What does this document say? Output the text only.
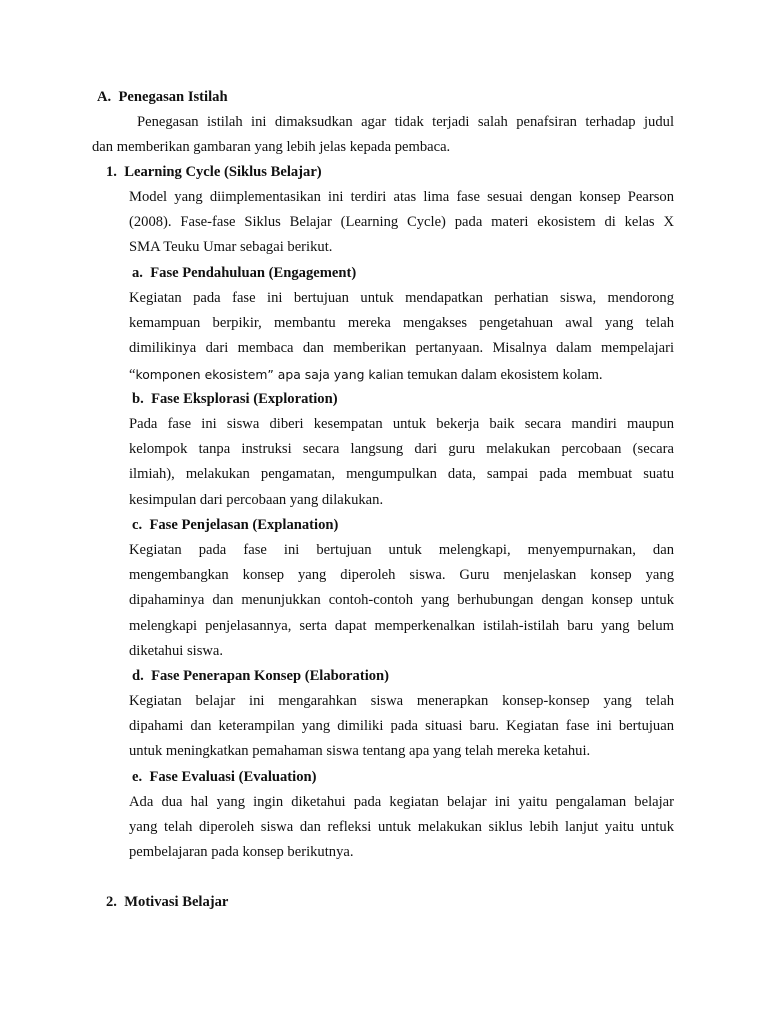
A. Penegasan Istilah
Penegasan istilah ini dimaksudkan agar tidak terjadi salah penafsiran terhadap judul
dan memberikan gambaran yang lebih jelas kepada pembaca.
1. Learning Cycle (Siklus Belajar)
Model yang diimplementasikan ini terdiri atas lima fase sesuai dengan konsep Pearson
(2008). Fase-fase Siklus Belajar (Learning Cycle) pada materi ekosistem di kelas X
SMA Teuku Umar sebagai berikut.
a. Fase Pendahuluan (Engagement)
Kegiatan pada fase ini bertujuan untuk mendapatkan perhatian siswa, mendorong
kemampuan berpikir, membantu mereka mengakses pengetahuan awal yang telah
dimilikinya dari membaca dan memberikan pertanyaan. Misalnya dalam mempelajari
“komponen ekosistem” apa saja yang kalian temukan dalam ekosistem kolam.
b. Fase Eksplorasi (Exploration)
Pada fase ini siswa diberi kesempatan untuk bekerja baik secara mandiri maupun
kelompok tanpa instruksi secara langsung dari guru melakukan percobaan (secara
ilmiah), melakukan pengamatan, mengumpulkan data, sampai pada membuat suatu
kesimpulan dari percobaan yang dilakukan.
c. Fase Penjelasan (Explanation)
Kegiatan pada fase ini bertujuan untuk melengkapi, menyempurnakan, dan
mengembangkan konsep yang diperoleh siswa. Guru menjelaskan konsep yang
dipahaminya dan menunjukkan contoh-contoh yang berhubungan dengan konsep untuk
melengkapi penjelasannya, serta dapat memperkenalkan istilah-istilah baru yang belum
diketahui siswa.
d. Fase Penerapan Konsep (Elaboration)
Kegiatan belajar ini mengarahkan siswa menerapkan konsep-konsep yang telah
dipahami dan keterampilan yang dimiliki pada situasi baru. Kegiatan fase ini bertujuan
untuk meningkatkan pemahaman siswa tentang apa yang telah mereka ketahui.
e. Fase Evaluasi (Evaluation)
Ada dua hal yang ingin diketahui pada kegiatan belajar ini yaitu pengalaman belajar
yang telah diperoleh siswa dan refleksi untuk melakukan siklus lebih lanjut yaitu untuk
pembelajaran pada konsep berikutnya.
2. Motivasi Belajar
